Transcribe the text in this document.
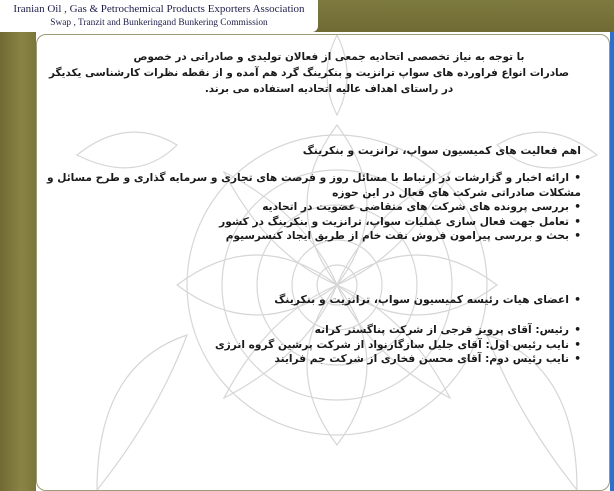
Iranian Oil , Gas & Petrochemical Products Exporters Association
Swap , Tranzit and Bunkeringand Bunkering Commission
با توجه به نیاز تخصصی اتحادیه جمعی از فعالان تولیدی و صادراتی در خصوص
صادرات انواع فراورده های سواپ ترانزیت و بنکرینگ گرد هم آمده و از نقطه نظرات کارشناسی یکدیگر
در راستای اهداف عالیه اتحادیه استفاده می برند.
اهم فعالیت های کمیسیون سواپ، ترانزیت و بنکرینگ
• ارائه اخبار و گزارشات در ارتباط با مسائل روز و فرصت های تجاری و سرمایه گذاری و طرح مسائل و
مشکلات صادراتی شرکت های فعال در این حوزه
• بررسی پرونده های شرکت های متقاضی عضویت در اتحادیه
• تعامل جهت فعال سازی عملیات سواپ، ترانزیت و بنکرینگ در کشور
• بحث و بررسی پیرامون فروش نفت خام از طریق ایجاد کنسرسیوم
• اعضای هیات رئیسه کمیسیون سواپ، ترانزیت و بنکرینگ
• رئیس: آقای پرویز فرجی از شرکت پناگستر کرانه
• نایب رئیس اول: آقای جلیل سازگارنواد از شرکت پرشین گروه انرژی
• نایب رئیس دوم: آقای محسن فخاری از شرکت جم فرایند
